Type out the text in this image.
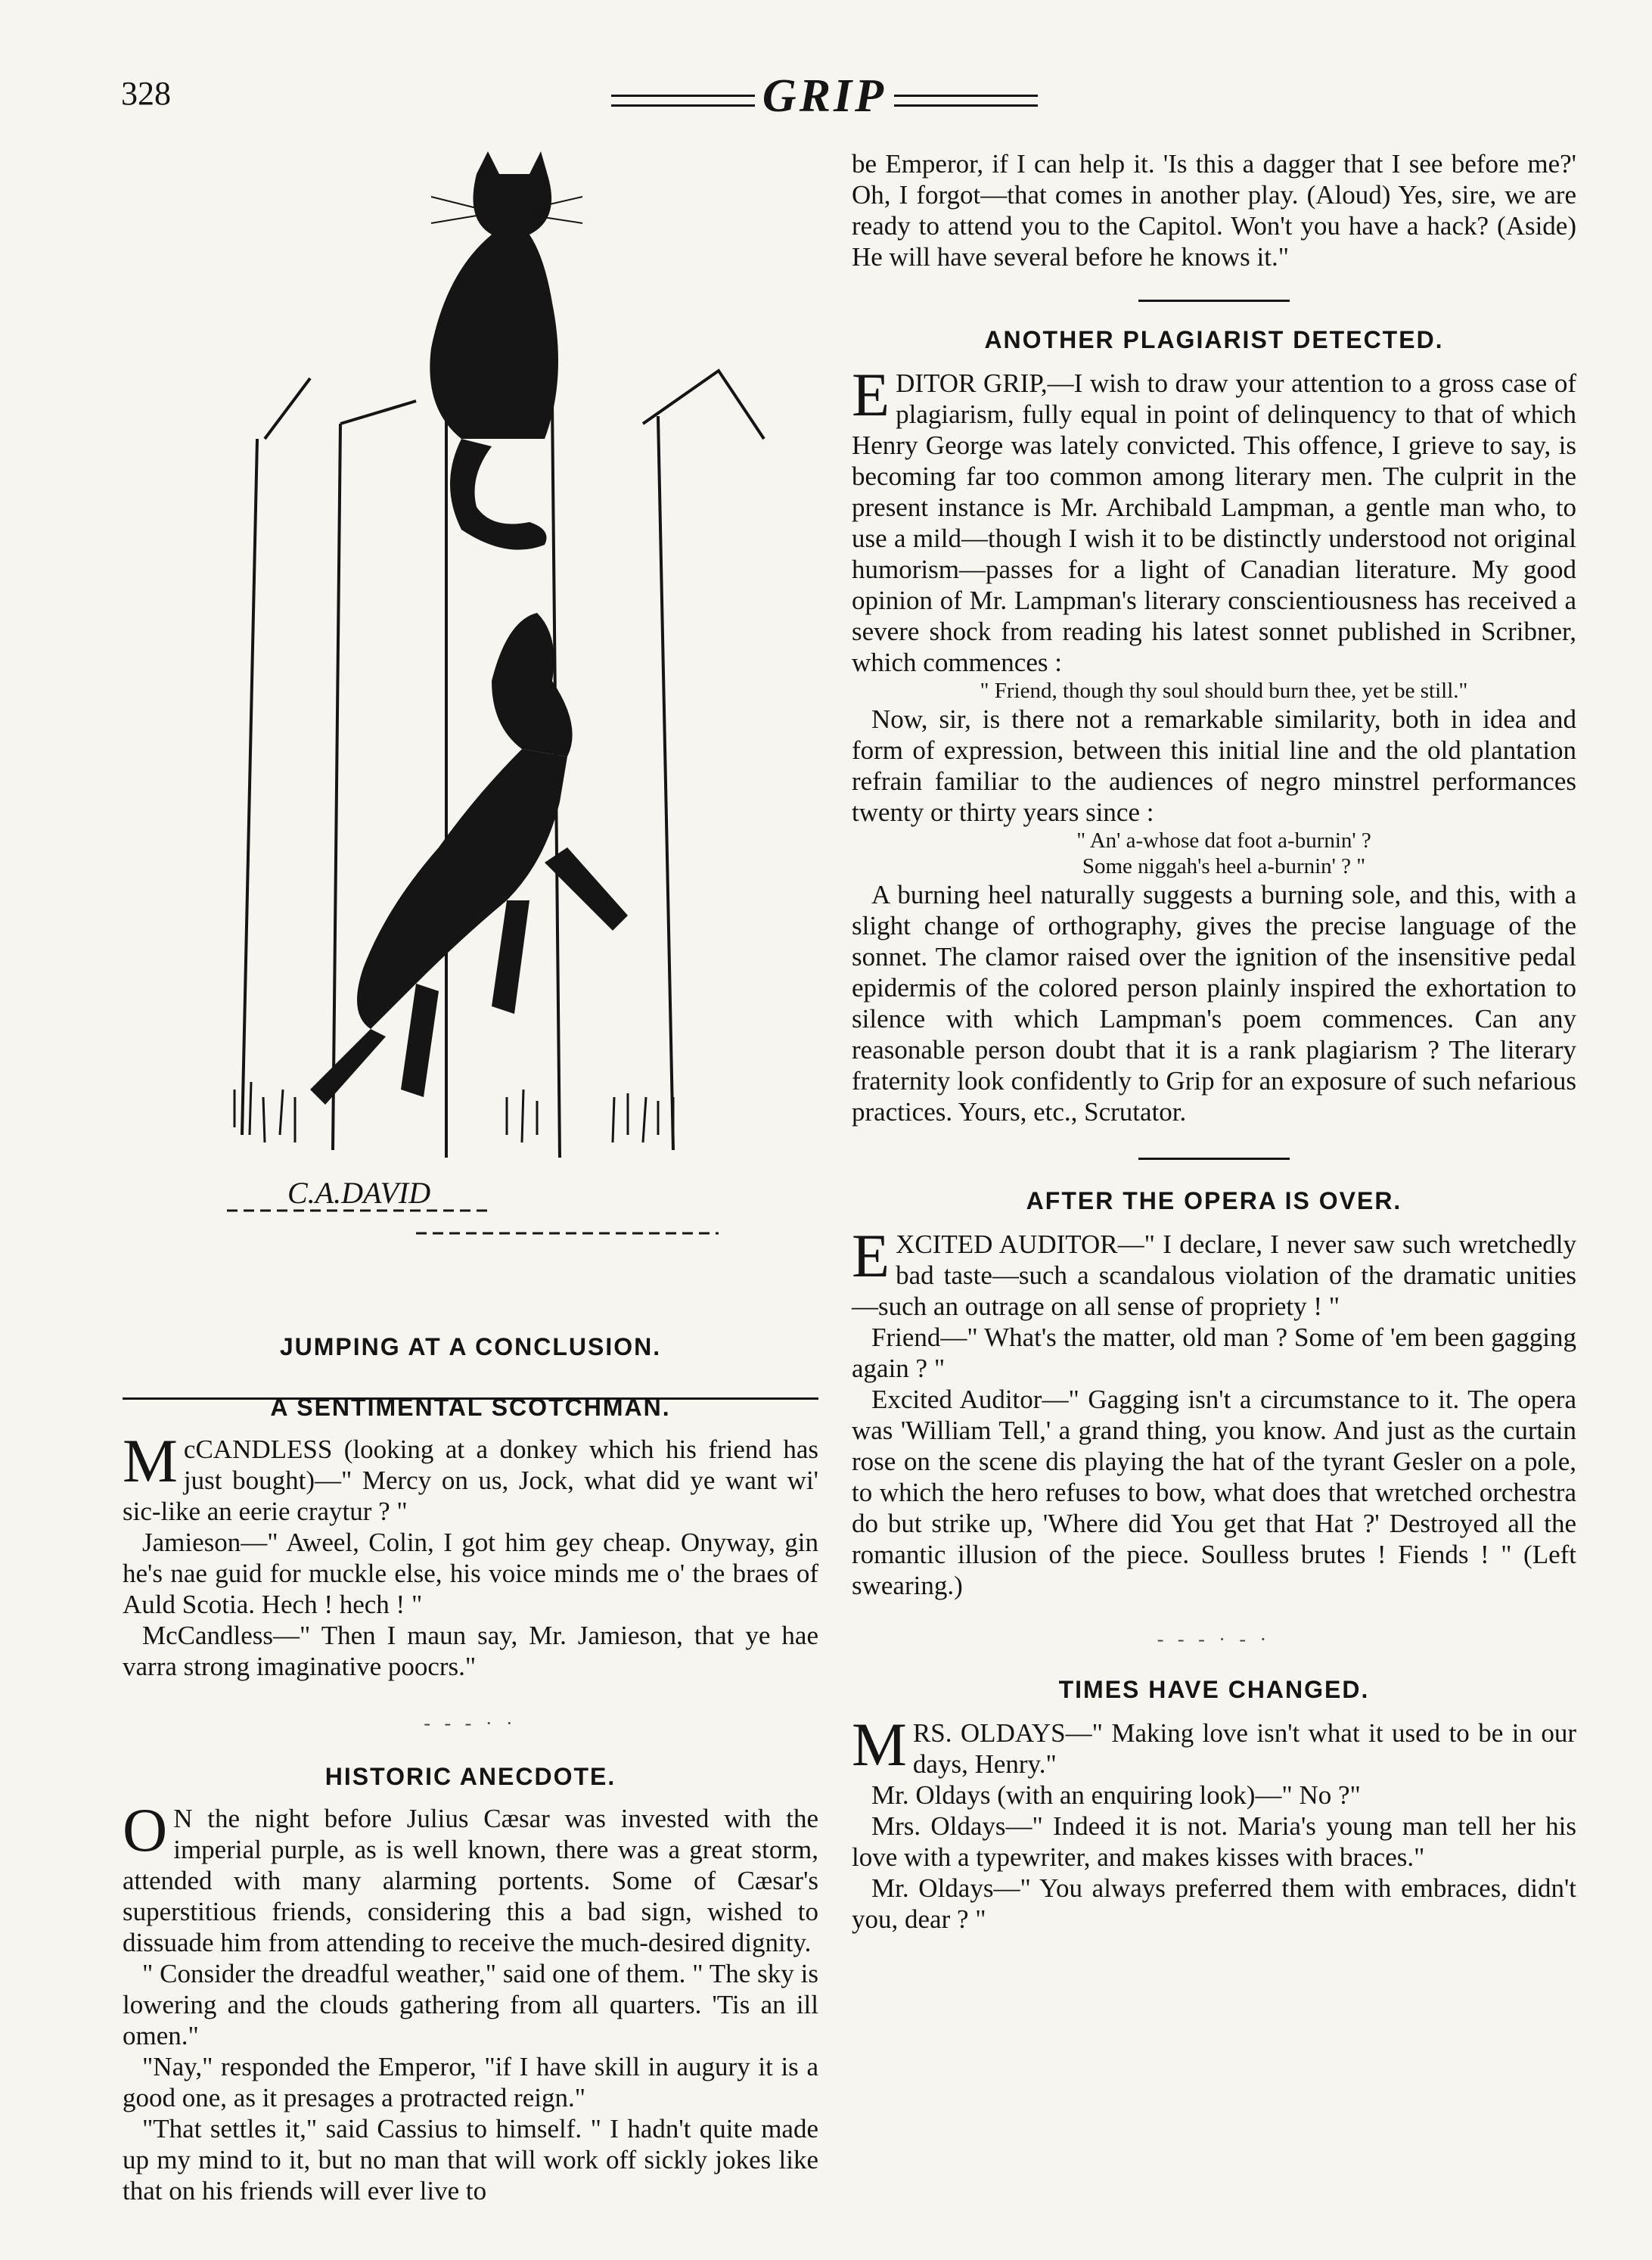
328	GRIP
C.A.DAVID
JUMPING AT A CONCLUSION.
A SENTIMENTAL SCOTCHMAN.
M cCANDLESS (looking at a donkey which his friend has just bought)—" Mercy on us, Jock, what did ye want wi' sic-like an eerie craytur ? "

Jamieson—" Aweel, Colin, I got him gey cheap. Onyway, gin he's nae guid for muckle else, his voice minds me o' the braes of Auld Scotia. Hech ! hech ! "

McCandless—" Then I maun say, Mr. Jamieson, that ye hae varra strong imaginative poocrs."

- - - · ·
HISTORIC ANECDOTE.
O N the night before Julius Cæsar was invested with the imperial purple, as is well known, there was a great storm, attended with many alarming portents. Some of Cæsar's superstitious friends, considering this a bad sign, wished to dissuade him from attending to receive the much-desired dignity.

" Consider the dreadful weather," said one of them. " The sky is lowering and the clouds gathering from all quarters. 'Tis an ill omen."

"Nay," responded the Emperor, "if I have skill in augury it is a good one, as it presages a protracted reign."

"That settles it," said Cassius to himself. " I hadn't quite made up my mind to it, but no man that will work off sickly jokes like that on his friends will ever live to

be Emperor, if I can help it. 'Is this a dagger that I see before me?' Oh, I forgot—that comes in another play. (Aloud) Yes, sire, we are ready to attend you to the Capitol. Won't you have a hack? (Aside) He will have several before he knows it."

ANOTHER PLAGIARIST DETECTED.
E DITOR GRIP,—I wish to draw your attention to a gross case of plagiarism, fully equal in point of delinquency to that of which Henry George was lately convicted. This offence, I grieve to say, is becoming far too common among literary men. The culprit in the present instance is Mr. Archibald Lampman, a gentle man who, to use a mild—though I wish it to be distinctly understood not original humorism—passes for a light of Canadian literature. My good opinion of Mr. Lampman's literary conscientiousness has received a severe shock from reading his latest sonnet published in Scribner, which commences :

" Friend, though thy soul should burn thee, yet be still."

Now, sir, is there not a remarkable similarity, both in idea and form of expression, between this initial line and the old plantation refrain familiar to the audiences of negro minstrel performances twenty or thirty years since :

" An' a-whose dat foot a-burnin' ?

Some niggah's heel a-burnin' ? "

A burning heel naturally suggests a burning sole, and this, with a slight change of orthography, gives the precise language of the sonnet. The clamor raised over the ignition of the insensitive pedal epidermis of the colored person plainly inspired the exhortation to silence with which Lampman's poem commences. Can any reasonable person doubt that it is a rank plagiarism ? The literary fraternity look confidently to Grip for an exposure of such nefarious practices. Yours, etc., Scrutator.

AFTER THE OPERA IS OVER.
E XCITED AUDITOR—" I declare, I never saw such wretchedly bad taste—such a scandalous violation of the dramatic unities—such an outrage on all sense of propriety ! "

Friend—" What's the matter, old man ? Some of 'em been gagging again ? "

Excited Auditor—" Gagging isn't a circumstance to it. The opera was 'William Tell,' a grand thing, you know. And just as the curtain rose on the scene dis playing the hat of the tyrant Gesler on a pole, to which the hero refuses to bow, what does that wretched orchestra do but strike up, 'Where did You get that Hat ?' Destroyed all the romantic illusion of the piece. Soulless brutes ! Fiends ! " (Left swearing.)

- - - · - ·
TIMES HAVE CHANGED.
M RS. OLDAYS—" Making love isn't what it used to be in our days, Henry."

Mr. Oldays (with an enquiring look)—" No ?"

Mrs. Oldays—" Indeed it is not. Maria's young man tell her his love with a typewriter, and makes kisses with braces."

Mr. Oldays—" You always preferred them with embraces, didn't you, dear ? "
